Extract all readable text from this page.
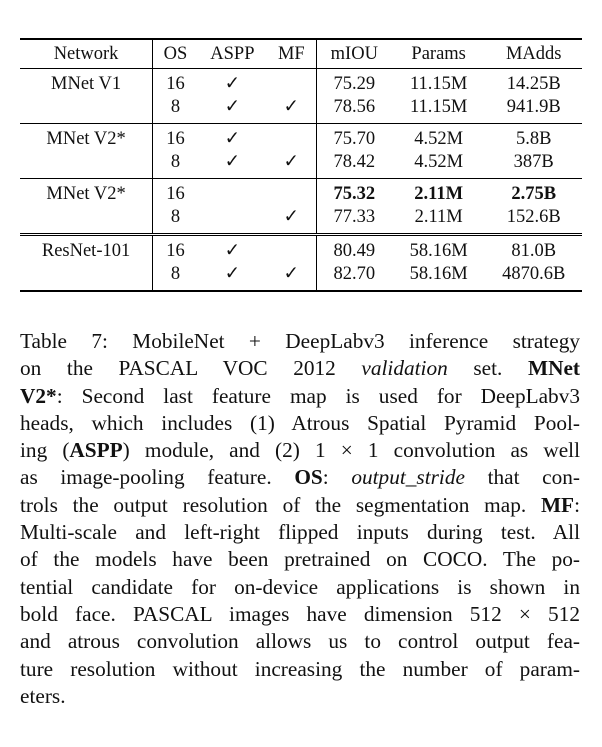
Network	OS	ASPP	MF	mIOU	Params	MAdds
MNet V1	16	✓		75.29	11.15M	14.25B
	8	✓	✓	78.56	11.15M	941.9B
MNet V2*	16	✓		75.70	4.52M	5.8B
	8	✓	✓	78.42	4.52M	387B
MNet V2*	16			75.32	2.11M	2.75B
	8		✓	77.33	2.11M	152.6B
ResNet-101	16	✓		80.49	58.16M	81.0B
	8	✓	✓	82.70	58.16M	4870.6B
Table 7: MobileNet + DeepLabv3 inference strategy
on the PASCAL VOC 2012 validation set. MNet
V2*: Second last feature map is used for DeepLabv3
heads, which includes (1) Atrous Spatial Pyramid Pool-
ing (ASPP) module, and (2) 1 × 1 convolution as well
as image-pooling feature. OS: output_stride that con-
trols the output resolution of the segmentation map. MF:
Multi-scale and left-right flipped inputs during test. All
of the models have been pretrained on COCO. The po-
tential candidate for on-device applications is shown in
bold face. PASCAL images have dimension 512 × 512
and atrous convolution allows us to control output fea-
ture resolution without increasing the number of param-
eters.
